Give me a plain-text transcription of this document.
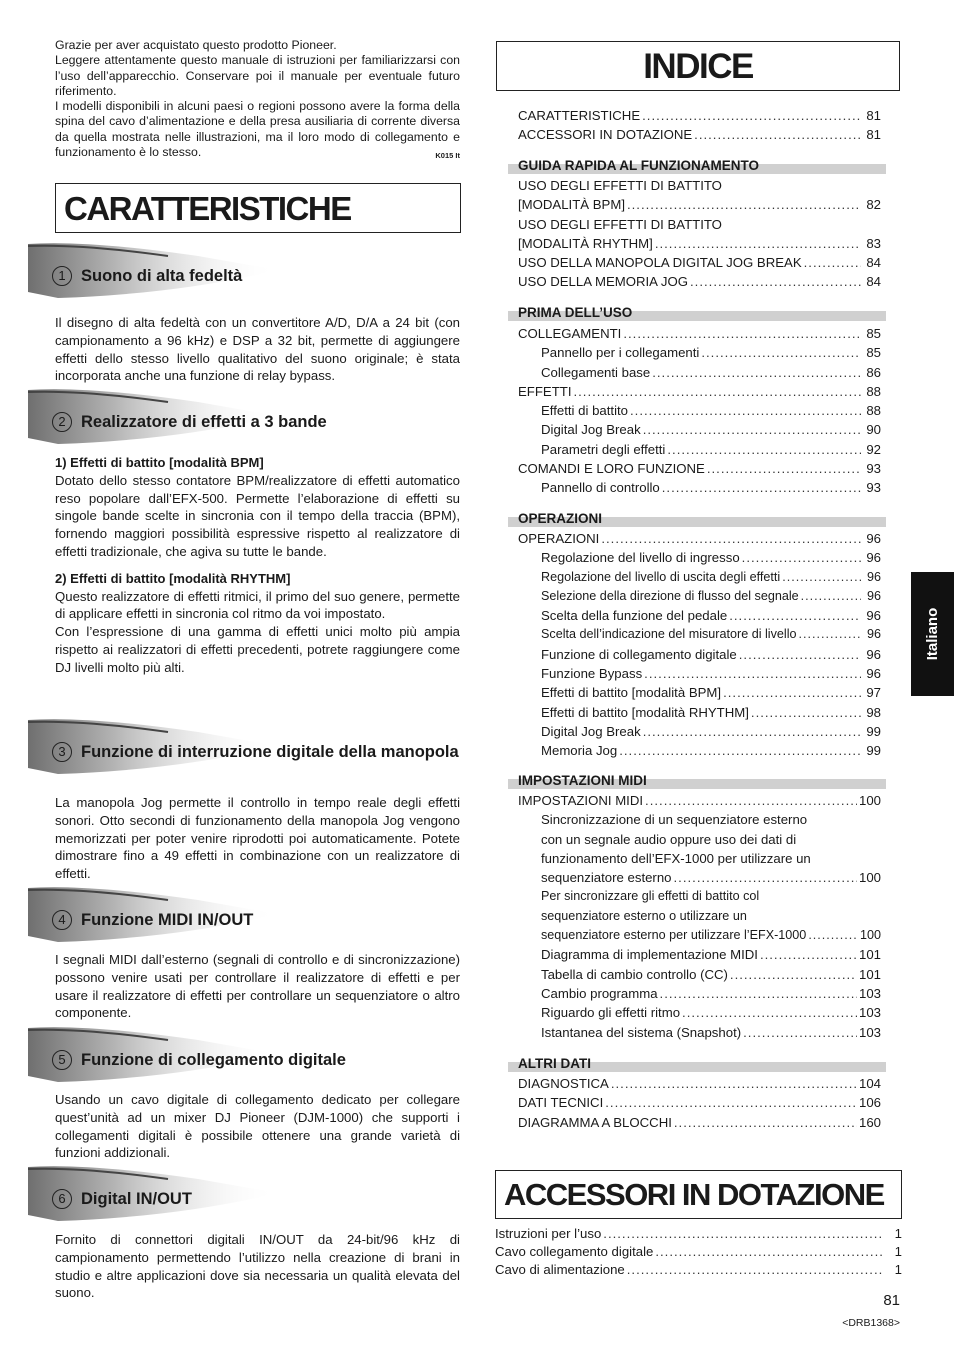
Grazie per aver acquistato questo prodotto Pioneer.

Leggere attentamente questo manuale di istruzioni per familiarizzarsi con l’uso dell’apparecchio. Conservare poi il manuale per eventuale futuro riferimento.

I modelli disponibili in alcuni paesi o regioni possono avere la forma della spina del cavo d’alimentazione e della presa ausiliaria di corrente diversa da quella mostrata nelle illustrazioni, ma il loro modo di collegamento e funzionamento è lo stesso.	K015 It

CARATTERISTICHE
1 Suono di alta fedeltà
Il disegno di alta fedeltà con un convertitore A/D, D/A a 24 bit (con campionamento a 96 kHz) e DSP a 32 bit, permette di aggiungere effetti dello stesso livello qualitativo del suono originale; è stata incorporata anche una funzione di relay bypass.
2 Realizzatore di effetti a 3 bande

1) Effetti di battito [modalità BPM]

Dotato dello stesso contatore BPM/realizzatore di effetti automatico reso popolare dall’EFX-500. Permette l’elaborazione di effetti su singole bande scelte in sincronia con il tempo della traccia (BPM), fornendo maggiori possibilità espressive rispetto al realizzatore di effetti tradizionale, che agiva su tutte le bande.

2) Effetti di battito [modalità RHYTHM]

Questo realizzatore di effetti ritmici, il primo del suo genere, permette di applicare effetti in sincronia col ritmo da voi impostato.

Con l’espressione di una gamma di effetti unici molto più ampia rispetto ai realizzatori di effetti precedenti, potrete raggiungere come DJ livelli molto più alti.

3 Funzione di interruzione digitale della manopola
La manopola Jog permette il controllo in tempo reale degli effetti sonori. Otto secondi di funzionamento della manopola Jog vengono memorizzati per poter venire riprodotti poi automaticamente. Potete dimostrare fino a 49 effetti in combinazione con un realizzatore di effetti.
4 Funzione MIDI IN/OUT
I segnali MIDI dall’esterno (segnali di controllo e di sincronizzazione) possono venire usati per controllare il realizzatore di effetti e per usare il realizzatore di effetti per controllare un sequenziatore o altro componente.
5 Funzione di collegamento digitale
Usando un cavo digitale di collegamento dedicato per collegare quest’unità ad un mixer DJ Pioneer (DJM-1000) che supporti i collegamenti digitali è possibile ottenere una grande varietà di funzioni addizionali.
6 Digital IN/OUT
Fornito di connettori digitali IN/OUT da 24-bit/96 kHz di campionamento permettendo l’utilizzo nella creazione di brani in studio e altre applicazioni dove sia necessaria un qualità elevata del suono.
INDICE
CARATTERISTICHE .....	81
ACCESSORI IN DOTAZIONE .....	81
GUIDA RAPIDA AL FUNZIONAMENTO
USO DEGLI EFFETTI DI BATTITO
[MODALITÀ BPM] .....	82
USO DEGLI EFFETTI DI BATTITO
[MODALITÀ RHYTHM] .....	83
USO DELLA MANOPOLA DIGITAL JOG BREAK .....	84
USO DELLA MEMORIA JOG .....	84
PRIMA DELL’USO
COLLEGAMENTI .....	85
Pannello per i collegamenti .....	85
Collegamenti base .....	86
EFFETTI .....	88
Effetti di battito .....	88
Digital Jog Break .....	90
Parametri degli effetti .....	92
COMANDI E LORO FUNZIONE .....	93
Pannello di controllo .....	93
OPERAZIONI
OPERAZIONI .....	96
Regolazione del livello di ingresso .....	96
Regolazione del livello di uscita degli effetti .....	96
Selezione della direzione di flusso del segnale .....	96
Scelta della funzione del pedale .....	96
Scelta dell’indicazione del misuratore di livello .....	96
Funzione di collegamento digitale .....	96
Funzione Bypass .....	96
Effetti di battito [modalità BPM] .....	97
Effetti di battito [modalità RHYTHM] .....	98
Digital Jog Break .....	99
Memoria Jog .....	99
IMPOSTAZIONI MIDI
IMPOSTAZIONI MIDI .....	100
Sincronizzazione di un sequenziatore esterno
con un segnale audio oppure uso dei dati di
funzionamento dell’EFX-1000 per utilizzare un
sequenziatore esterno .....	100
Per sincronizzare gli effetti di battito col
sequenziatore esterno o utilizzare un
sequenziatore esterno per utilizzare l’EFX-1000 .....	100
Diagramma di implementazione MIDI .....	101
Tabella di cambio controllo (CC) .....	101
Cambio programma .....	103
Riguardo gli effetti ritmo .....	103
Istantanea del sistema (Snapshot) .....	103
ALTRI DATI
DIAGNOSTICA .....	104
DATI TECNICI .....	106
DIAGRAMMA A BLOCCHI .....	160
ACCESSORI IN DOTAZIONE
Istruzioni per l’uso .....	1
Cavo collegamento digitale .....	1
Cavo di alimentazione .....	1
Italiano
81
<DRB1368>
